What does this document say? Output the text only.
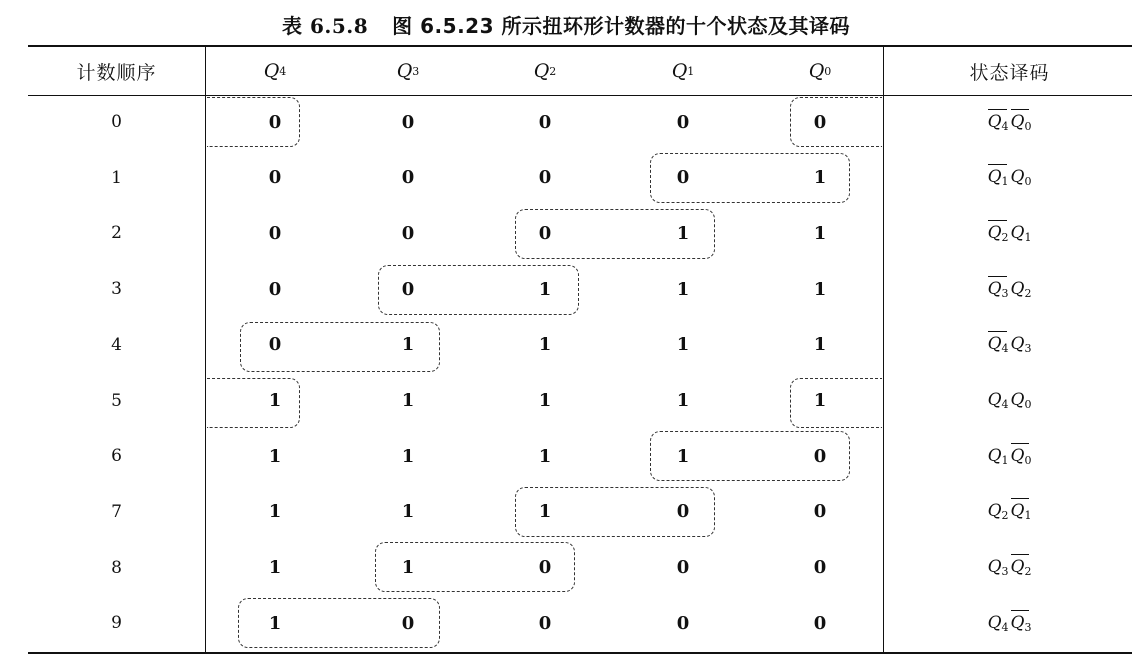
表 6.5.8 图 6.5.23 所示扭环形计数器的十个状态及其译码
计数顺序	Q 4	Q 3	Q 2	Q 1	Q 0	状态译码
0	0	0	0	0	0	$Q_4$ $Q_0$
1	0	0	0	0	1	$Q_1$ $Q_0$
2	0	0	0	1	1	$Q_2$ $Q_1$
3	0	0	1	1	1	$Q_3$ $Q_2$
4	0	1	1	1	1	$Q_4$ $Q_3$
5	1	1	1	1	1	$Q_4$ $Q_0$
6	1	1	1	1	0	$Q_1$ $Q_0$
7	1	1	1	0	0	$Q_2$ $Q_1$
8	1	1	0	0	0	$Q_3$ $Q_2$
9	1	0	0	0	0	$Q_4$ $Q_3$
